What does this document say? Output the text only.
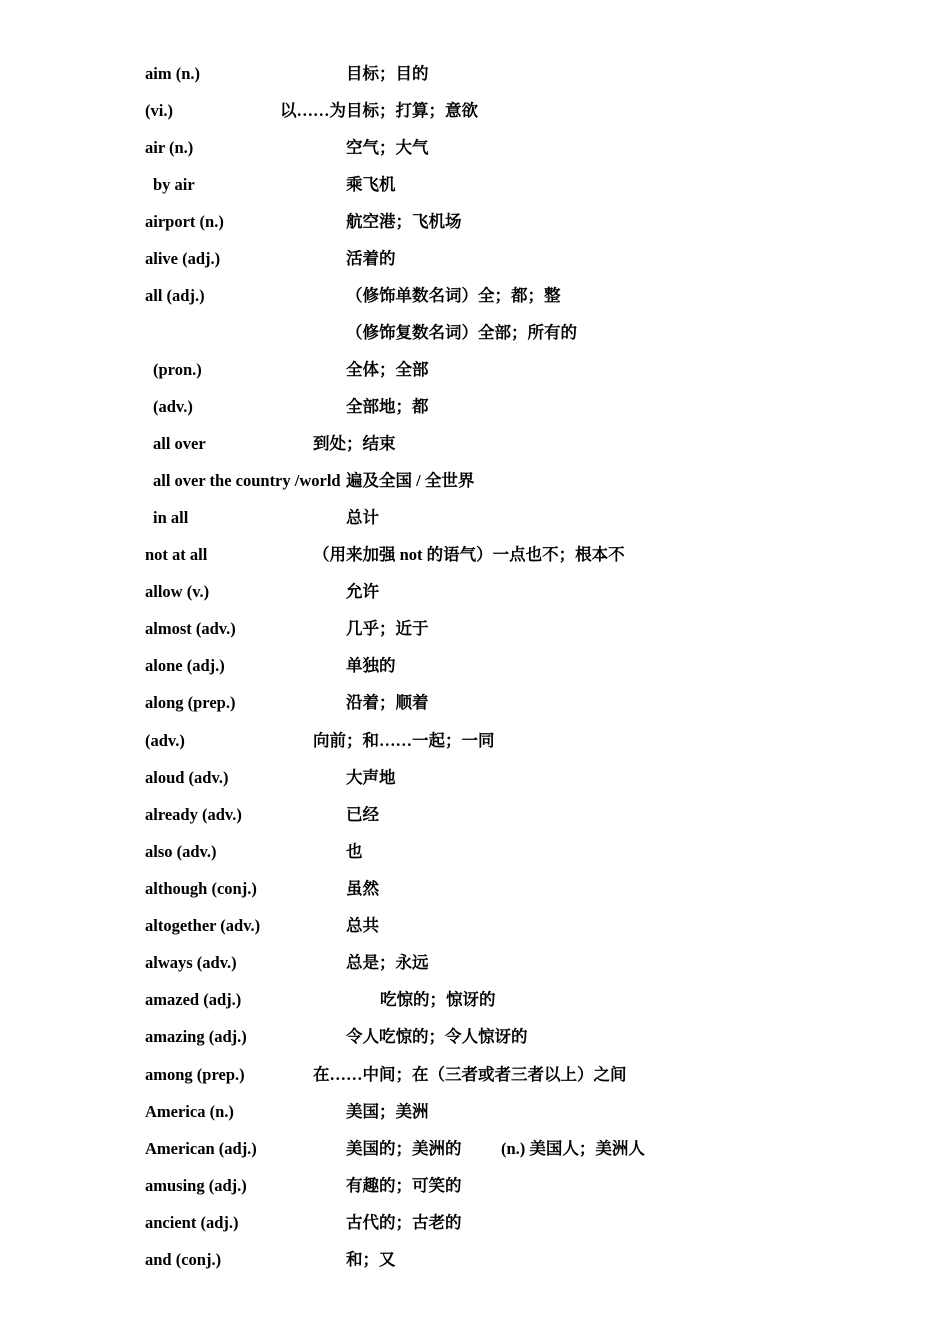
aim (n.)	目标；目的
(vi.)	以……为目标；打算；意欲
air (n.)	空气；大气
by air	乘飞机
airport (n.)	航空港；飞机场
alive (adj.)	活着的
all (adj.)	（修饰单数名词）全；都；整
（修饰复数名词）全部；所有的
(pron.)	全体；全部
(adv.)	全部地；都
all over	到处；结束
all over the country /world 遍及全国 / 全世界
in all	总计
not at all	（用来加强 not 的语气）一点也不；根本不
allow (v.)	允许
almost (adv.)	几乎；近于
alone (adj.)	单独的
along (prep.)	沿着；顺着
(adv.)	向前；和……一起；一同
aloud (adv.)	大声地
already (adv.)	已经
also (adv.)	也
although (conj.)	虽然
altogether (adv.)	总共
always (adv.)	总是；永远
amazed (adj.)	吃惊的；惊讶的
amazing (adj.)	令人吃惊的；令人惊讶的
among (prep.)	在……中间；在（三者或者三者以上）之间
America (n.)	美国；美洲
American (adj.)	美国的；美洲的 (n.) 美国人；美洲人
amusing (adj.)	有趣的；可笑的
ancient (adj.)	古代的；古老的
and (conj.)	和；又
